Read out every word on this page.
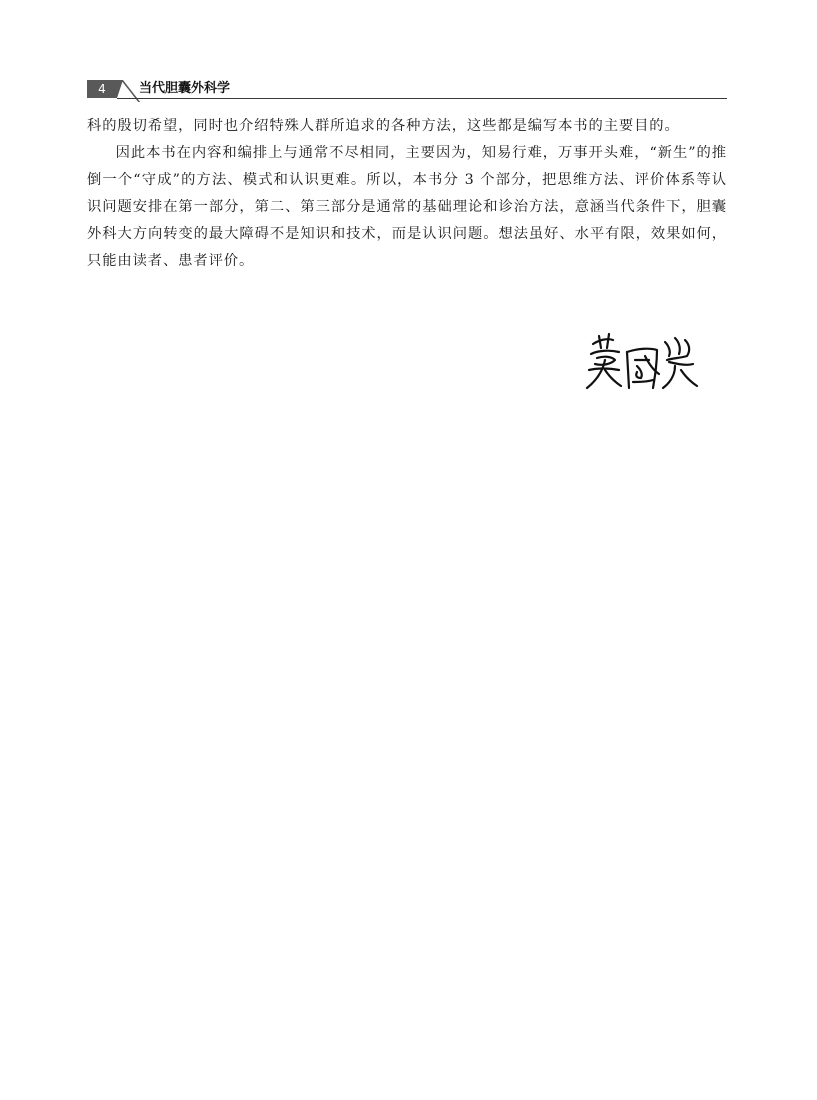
4	当代胆囊外科学

科的殷切希望，同时也介绍特殊人群所追求的各种方法，这些都是编写本书的主要目的。

因此本书在内容和编排上与通常不尽相同，主要因为，知易行难，万事开头难，“新生”的推倒一个“守成”的方法、模式和认识更难。所以，本书分 3 个部分，把思维方法、评价体系等认识问题安排在第一部分，第二、第三部分是通常的基础理论和诊治方法，意涵当代条件下，胆囊外科大方向转变的最大障碍不是知识和技术，而是认识问题。想法虽好、水平有限，效果如何，只能由读者、患者评价。
